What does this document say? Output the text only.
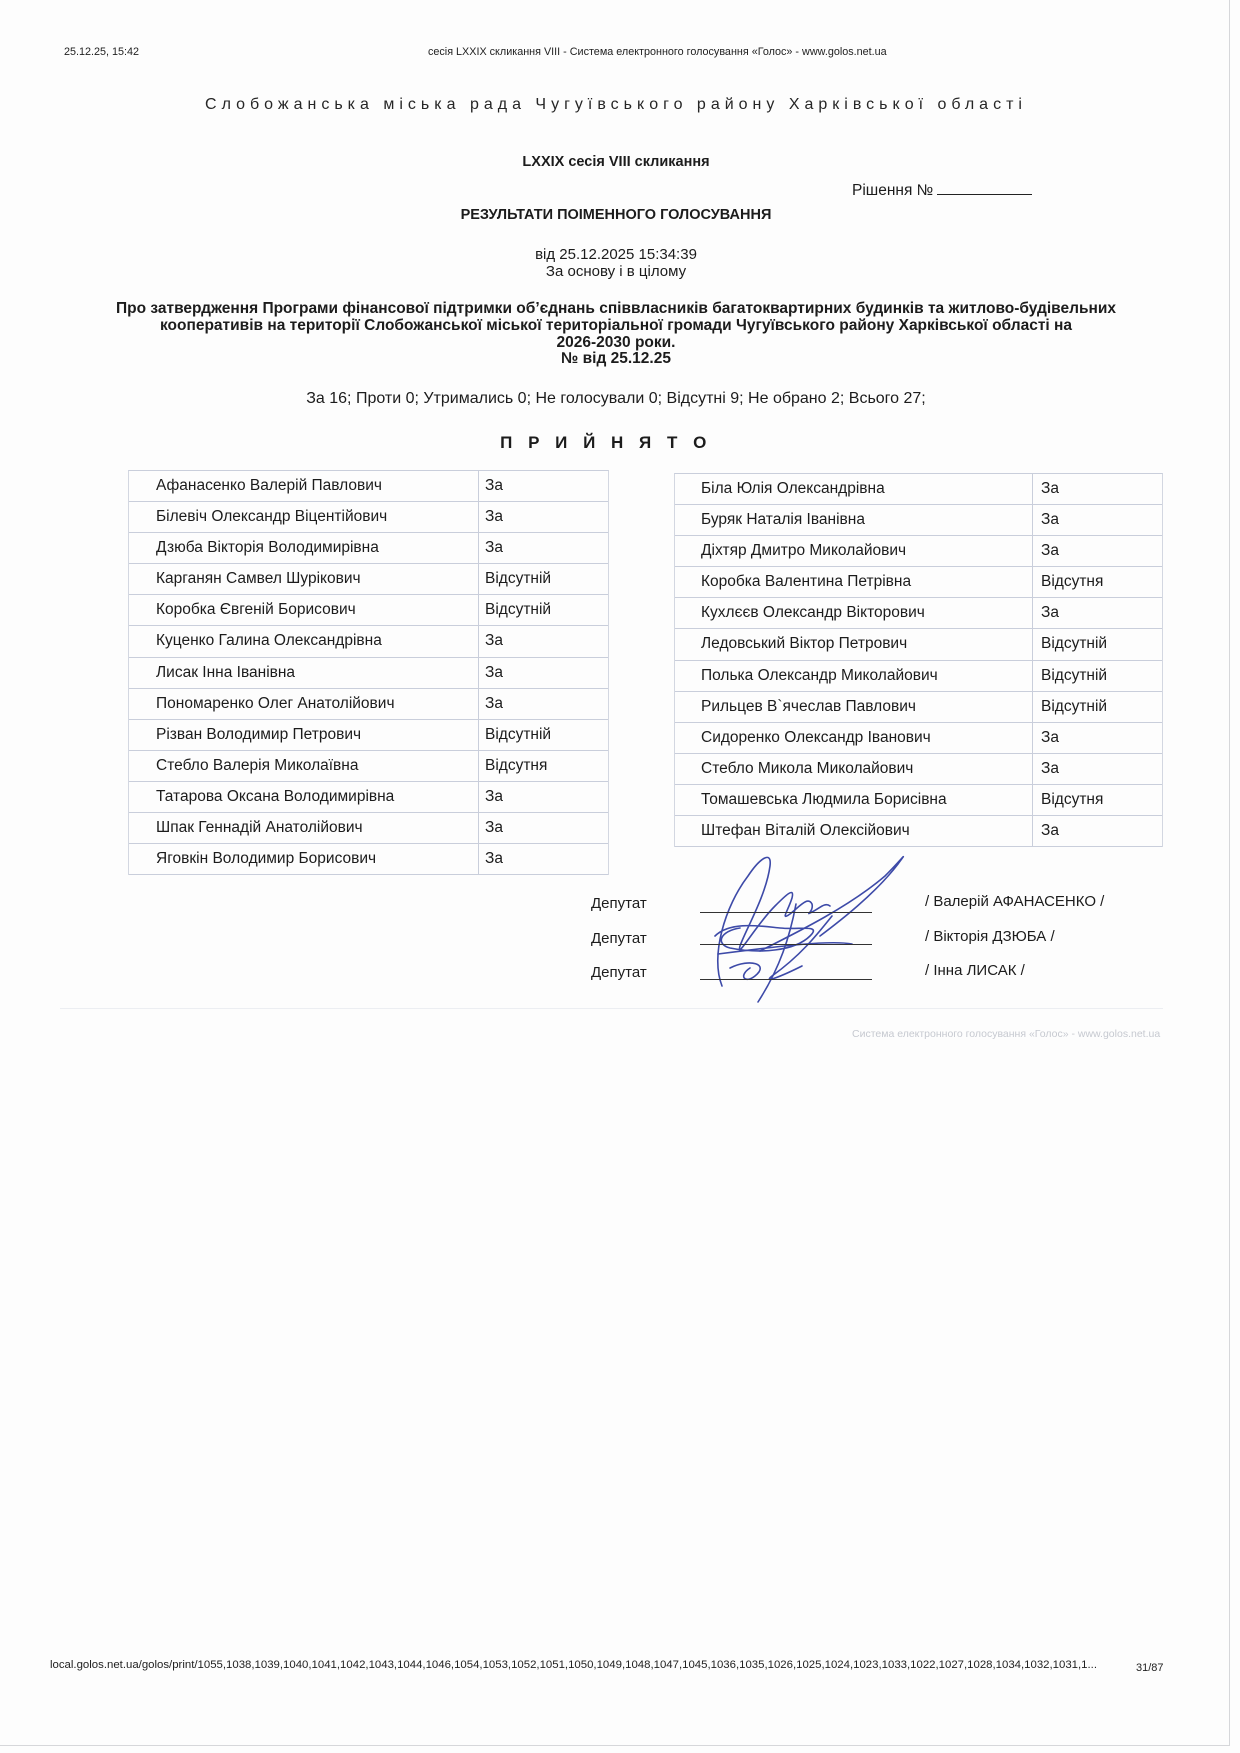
25.12.25, 15:42	сесія LXXIX скликання VIII - Система електронного голосування «Голос» - www.golos.net.ua
Слобожанська міська рада Чугуївського району Харківської області
LXXIX сесія VIII скликання
Рішення №
РЕЗУЛЬТАТИ ПОІМЕННОГО ГОЛОСУВАННЯ
від 25.12.2025 15:34:39
За основу і в цілому
Про затвердження Програми фінансової підтримки об’єднань співвласників багатоквартирних будинків та житлово-будівельних
кооперативів на території Слобожанської міської територіальної громади Чугуївського району Харківської області на
2026-2030 роки.
№ від 25.12.25
За 16; Проти 0; Утримались 0; Не голосували 0; Відсутні 9; Не обрано 2; Всього 27;
П Р И Й Н Я Т О
Афанасенко Валерій Павлович	За
Білевіч Олександр Віцентійович	За
Дзюба Вікторія Володимирівна	За
Карганян Самвел Шурікович	Відсутній
Коробка Євгеній Борисович	Відсутній
Куценко Галина Олександрівна	За
Лисак Інна Іванівна	За
Пономаренко Олег Анатолійович	За
Різван Володимир Петрович	Відсутній
Стебло Валерія Миколаївна	Відсутня
Татарова Оксана Володимирівна	За
Шпак Геннадій Анатолійович	За
Яговкін Володимир Борисович	За
Біла Юлія Олександрівна	За
Буряк Наталія Іванівна	За
Діхтяр Дмитро Миколайович	За
Коробка Валентина Петрівна	Відсутня
Кухлєєв Олександр Вікторович	За
Ледовський Віктор Петрович	Відсутній
Полька Олександр Миколайович	Відсутній
Рильцев В`ячеслав Павлович	Відсутній
Сидоренко Олександр Іванович	За
Стебло Микола Миколайович	За
Томашевська Людмила Борисівна	Відсутня
Штефан Віталій Олексійович	За
Депутат	/ Валерій АФАНАСЕНКО /
Депутат	/ Вікторія ДЗЮБА /
Депутат	/ Інна ЛИСАК /
Система електронного голосування «Голос» - www.golos.net.ua
local.golos.net.ua/golos/print/1055,1038,1039,1040,1041,1042,1043,1044,1046,1054,1053,1052,1051,1050,1049,1048,1047,1045,1036,1035,1026,1025,1024,1023,1033,1022,1027,1028,1034,1032,1031,1...	31/87
